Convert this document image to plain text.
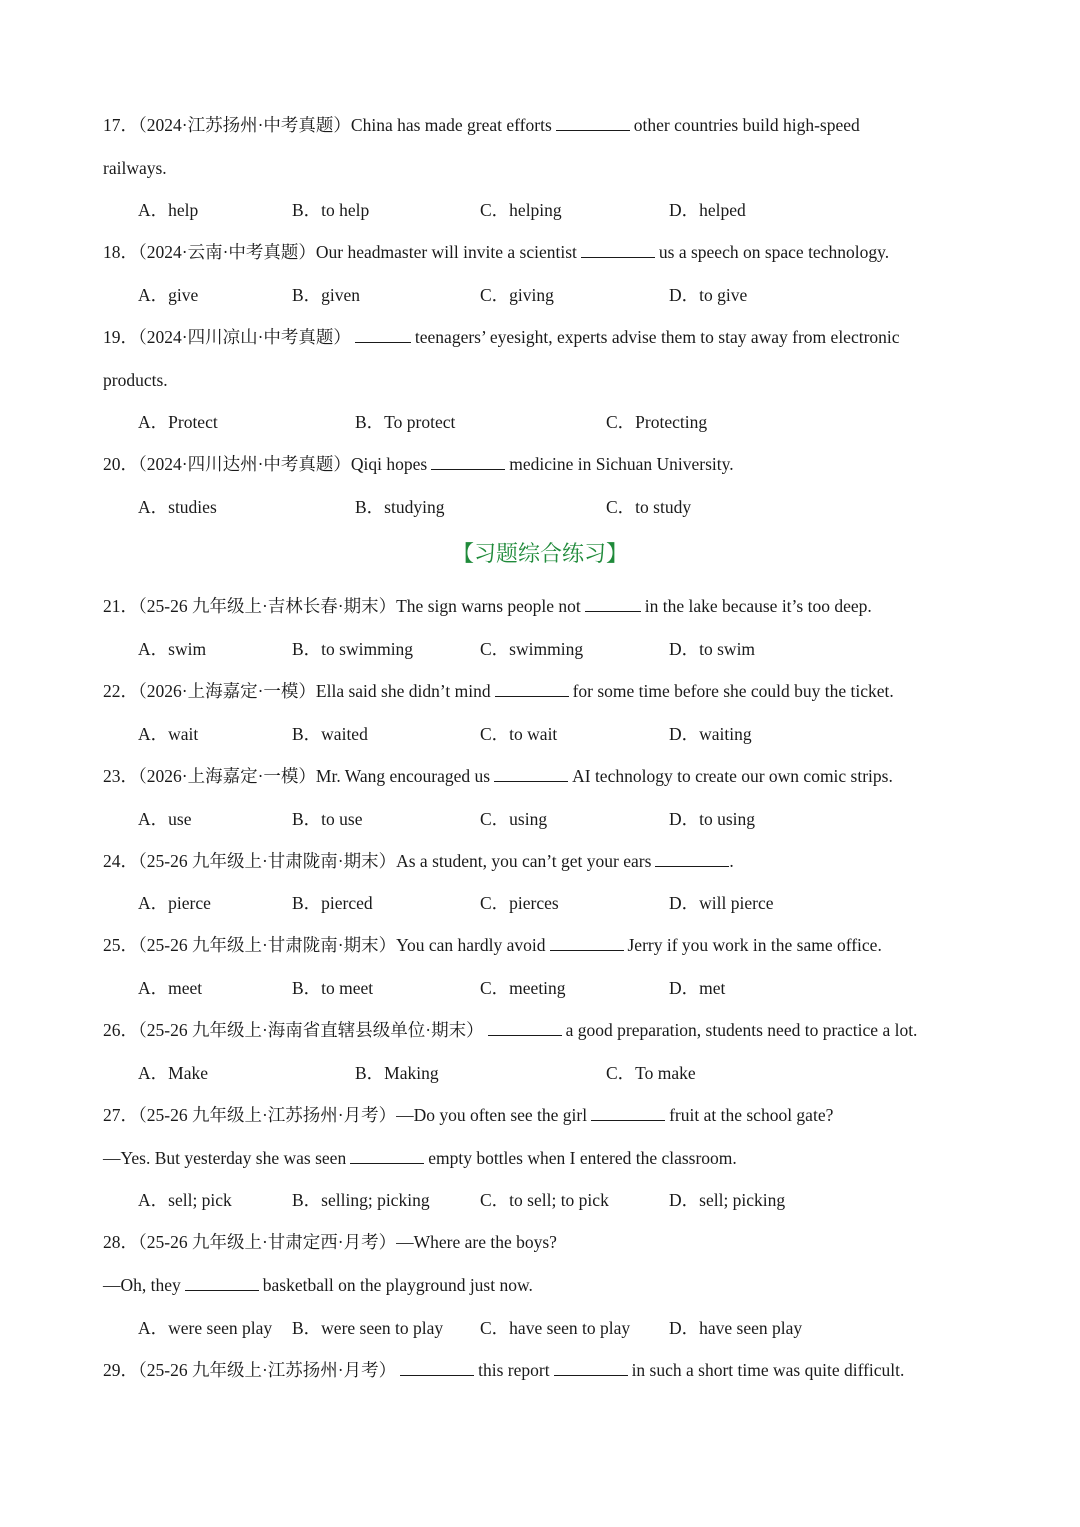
17．（2024·江苏扬州·中考真题）China has made great efforts	other countries build high-speed
railways.
A．help	B．to help	C．helping	D．helped
18．（2024·云南·中考真题）Our headmaster will invite a scientist	us a speech on space technology.
A．give	B．given	C．giving	D．to give
19．（2024·四川凉山·中考真题）	teenagers’ eyesight, experts advise them to stay away from electronic
products.
A．Protect	B．To protect	C．Protecting
20．（2024·四川达州·中考真题）Qiqi hopes	medicine in Sichuan University.
A．studies	B．studying	C．to study
【习题综合练习】
21．（25-26 九年级上·吉林长春·期末）The sign warns people not	in the lake because it’s too deep.
A．swim	B．to swimming	C．swimming	D．to swim
22．（2026·上海嘉定·一模）Ella said she didn’t mind	for some time before she could buy the ticket.
A．wait	B．waited	C．to wait	D．waiting
23．（2026·上海嘉定·一模）Mr. Wang encouraged us	AI technology to create our own comic strips.
A．use	B．to use	C．using	D．to using
24．（25-26 九年级上·甘肃陇南·期末）As a student, you can’t get your ears	.
A．pierce	B．pierced	C．pierces	D．will pierce
25．（25-26 九年级上·甘肃陇南·期末）You can hardly avoid	Jerry if you work in the same office.
A．meet	B．to meet	C．meeting	D．met
26．（25-26 九年级上·海南省直辖县级单位·期末）	a good preparation, students need to practice a lot.
A．Make	B．Making	C．To make
27．（25-26 九年级上·江苏扬州·月考）—Do you often see the girl	fruit at the school gate?
—Yes. But yesterday she was seen	empty bottles when I entered the classroom.
A．sell; pick	B．selling; picking	C．to sell; to pick	D．sell; picking
28．（25-26 九年级上·甘肃定西·月考）—Where are the boys?
—Oh, they	basketball on the playground just now.
A．were seen play B．were seen to play C．have seen to play D．have seen play
29．（25-26 九年级上·江苏扬州·月考）	this report	in such a short time was quite difficult.
